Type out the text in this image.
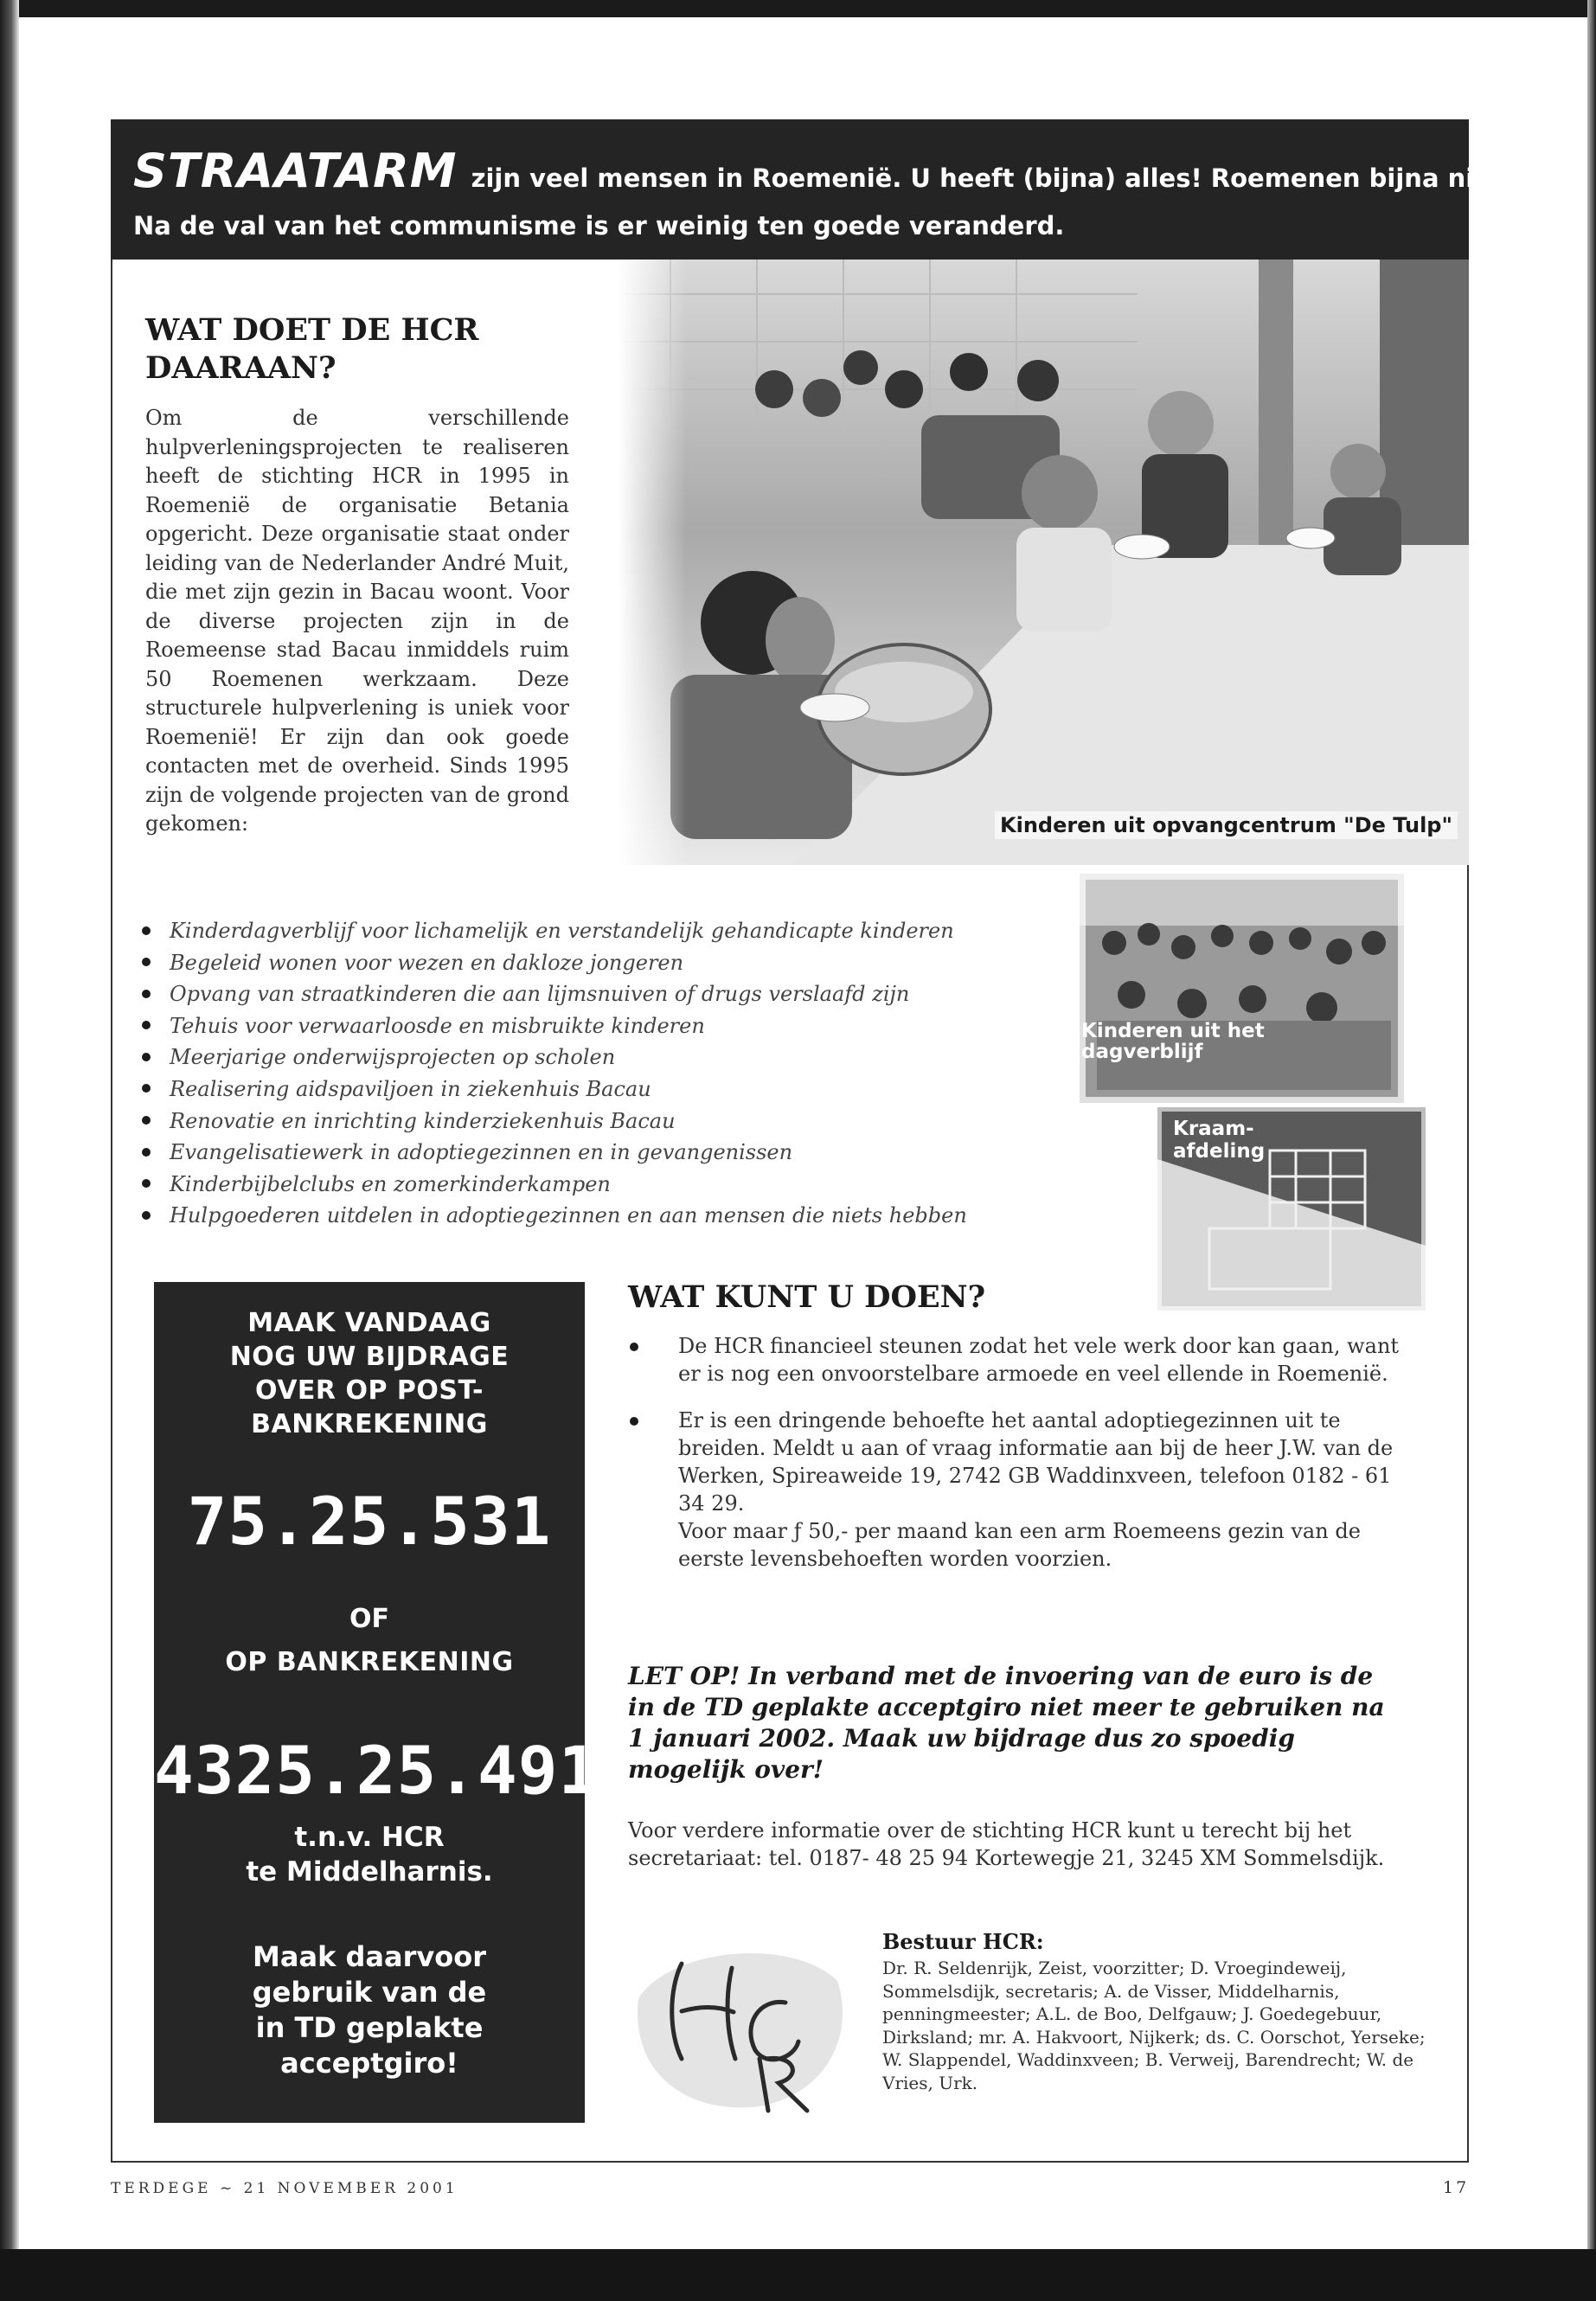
STRAATARM zijn veel mensen in Roemenië. U heeft (bijna) alles! Roemenen bijna niets!
Na de val van het communisme is er weinig ten goede veranderd.
WAT DOET DE HCR DAARAAN?

Om de verschillende hulpverleningsprojecten te realiseren heeft de stichting HCR in 1995 in Roemenië de organisatie Betania opgericht. Deze organisatie staat onder leiding van de Nederlander André Muit, die met zijn gezin in Bacau woont. Voor de diverse projecten zijn in de Roemeense stad Bacau inmiddels ruim 50 Roemenen werkzaam. Deze structurele hulpverlening is uniek voor Roemenië! Er zijn dan ook goede contacten met de overheid. Sinds 1995 zijn de volgende projecten van de grond gekomen:	Kinderen uit opvangcentrum "De Tulp"
Kinderdagverblijf voor lichamelijk en verstandelijk gehandicapte kinderen
Begeleid wonen voor wezen en dakloze jongeren
Opvang van straatkinderen die aan lijmsnuiven of drugs verslaafd zijn
Tehuis voor verwaarloosde en misbruikte kinderen
Meerjarige onderwijsprojecten op scholen
Realisering aidspaviljoen in ziekenhuis Bacau
Renovatie en inrichting kinderziekenhuis Bacau
Evangelisatiewerk in adoptiegezinnen en in gevangenissen
Kinderbijbelclubs en zomerkinderkampen
Hulpgoederen uitdelen in adoptiegezinnen en aan mensen die niets hebben
Kinderen uit het
dagverblijf
Kraam-
afdeling
MAAK VANDAAG
NOG UW BIJDRAGE
OVER OP POST-
BANKREKENING
75.25.531
OF
OP BANKREKENING
4325.25.491
t.n.v. HCR
te Middelharnis.
Maak daarvoor
gebruik van de
in TD geplakte
acceptgiro!
WAT KUNT U DOEN?
De HCR financieel steunen zodat het vele werk door kan gaan, want er is nog een onvoorstelbare armoede en veel ellende in Roemenië.
Er is een dringende behoefte het aantal adoptiegezinnen uit te breiden. Meldt u aan of vraag informatie aan bij de heer J.W. van de Werken, Spireaweide 19, 2742 GB Waddinxveen, telefoon 0182 - 61 34 29.
Voor maar ƒ 50,- per maand kan een arm Roemeens gezin van de eerste levensbehoeften worden voorzien.

LET OP! In verband met de invoering van de euro is de in de TD geplakte acceptgiro niet meer te gebruiken na 1 januari 2002. Maak uw bijdrage dus zo spoedig mogelijk over!

Voor verdere informatie over de stichting HCR kunt u terecht bij het secretariaat: tel. 0187- 48 25 94 Kortewegje 21, 3245 XM Sommelsdijk.

Bestuur HCR:

Dr. R. Seldenrijk, Zeist, voorzitter; D. Vroegindeweij, Sommelsdijk, secretaris; A. de Visser, Middelharnis, penningmeester; A.L. de Boo, Delfgauw; J. Goedegebuur, Dirksland; mr. A. Hakvoort, Nijkerk; ds. C. Oorschot, Yerseke; W. Slappendel, Waddinxveen; B. Verweij, Barendrecht; W. de Vries, Urk.

TERDEGE ~ 21 NOVEMBER 2001	17
